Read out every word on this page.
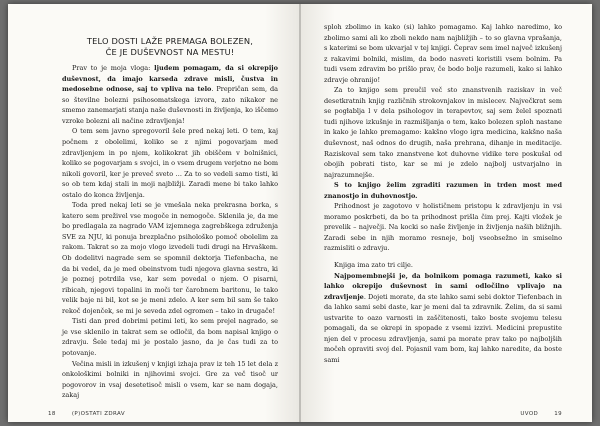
TELO DOSTI LAŽE PREMAGA BOLEZEN,
ČE JE DUŠEVNOST NA MESTU!

Prav to je moja vloga: ljudem pomagam, da si okrepijo duševnost, da imajo karseda zdrave misli, čustva in medosebne odnose, saj to vpliva na telo. Prepričan sem, da so številne bolezni psihosomatskega izvora, zato nikakor ne smemo zanemarjati stanja naše duševnosti in življenja, ko iščemo vzroke bolezni ali načine zdravljenja!

O tem sem javno spregovoril šele pred nekaj leti. O tem, kaj počnem z obolelimi, koliko se z njimi pogovarjam med zdravljenjem in po njem, kolikokrat jih obiščem v bolnišnici, koliko se pogovarjam s svojci, in o vsem drugem verjetno ne bom nikoli govoril, ker je preveč sveto … Za to so vedeli samo tisti, ki so ob tem kdaj stali in moji najbližji. Zaradi mene bi tako lahko ostalo do konca življenja.

Toda pred nekaj leti se je vmešala neka prekrasna borka, s katero sem preživel vse mogoče in nemogoče. Sklenila je, da me bo predlagala za nagrado VAM izjemnega zagrebškega združenja SVE za NJU, ki ponuja brezplačno psihološko pomoč obolelim za rakom. Takrat so za mojo vlogo izvedeli tudi drugi na Hrvaškem. Ob dodelitvi nagrade sem se spomnil dektorja Tiefenbacha, ne da bi vedel, da je med obeinstvom tudi njegova glavna sestra, ki je poznej potrdila vse, kar sem povedal o njem. O pisarni, ribicah, njegovi topalini in moči ter čarobnem baritonu, le tako velik baje ni bil, kot se je meni zdelo. A ker sem bil sam še tako rekoč dojenček, se mi je seveda zdel ogromen – tako in drugače!

Tisti dan pred dobrimi petimi leti, ko sem prejel nagrado, se je vse sklenilo in takrat sem se odločil, da bom napisal knjigo o zdravju. Šele tedaj mi je postalo jasno, da je čas tudi za to potovanje.

Večina misli in izkušenj v knjigi izhaja prav iz teh 15 let dela z onkološkimi bolniki in njihovimi svojci. Gre za več tisoč ur pogovorov in vsaj desetetisoč misli o vsem, kar se nam dogaja, zakaj

18	(P)OSTATI ZDRAV

sploh zbolimo in kako (si) lahko pomagamo. Kaj lahko naredimo, ko zbolimo sami ali ko zboli nekdo nam najbližjih – to so glavna vprašanja, s katerimi se bom ukvarjal v tej knjigi. Čeprav sem imel največ izkušenj z rakavimi bolniki, mislim, da bodo nasveti koristili vsem bolnim. Pa tudi vsem zdravim bo prišlo prav, če bodo bolje razumeli, kako si lahko zdravje ohranijo!

Za to knjigo sem preučil več sto znanstvenih raziskav in več desetkratnih knjig različnih strokovnjakov in mislecev. Največkrat sem se pogłablja l v dela psihologov in terapevtov, saj sem želel spoznati tudi njihove izkušnje in razmišljanja o tem, kako bolezen sploh nastane in kako je lahko premagamo: kakšno vlogo igra medicina, kakšno naša duševnost, naš odnos do drugih, naša prehrana, dihanje in meditacije. Raziskoval sem tako znanstvene kot duhovne vidike tere poskušal od obojih pobrati tisto, kar se mi je zdelo najbolj ustvarjalno in najrazumnejše.

S to knjigo želim zgraditi razumen in trden most med znanostjo in duhovnostjo.

Prihodnost je zagotovo v holističnem pristopu k zdravljenju in vsi moramo poskrbeti, da bo ta prihodnost prišla čim prej. Kajti vložek je prevelik – največji. Na kocki so naše življenje in življenja naših bližnjih. Zaradi sebe in njih moramo resneje, bolj vseobsežno in smiselno razmisliti o zdravju.

Knjiga ima zato tri cilje.

Najpomembnejši je, da bolnikom pomaga razumeti, kako si lahko okrepijo duševnost in sami odločilno vplivajo na zdravljenje. Dojeti morate, da ste lahko sami sebi doktor Tiefenbach in da lahko sami sebi daste, kar je meni dal ta zdravnik. Želim, da si sami ustvarite to oazo varnosti in zaščitenosti, tako boste svojemu telesu pomagali, da se okrepi in spopade z vsemi izzivi. Medicini prepustite njen del v procesu zdravljenja, sami pa morate prav tako po najboljših močeh opraviti svoj del. Pojasnil vam bom, kaj lahko naredite, da boste sami

UVOD	19
